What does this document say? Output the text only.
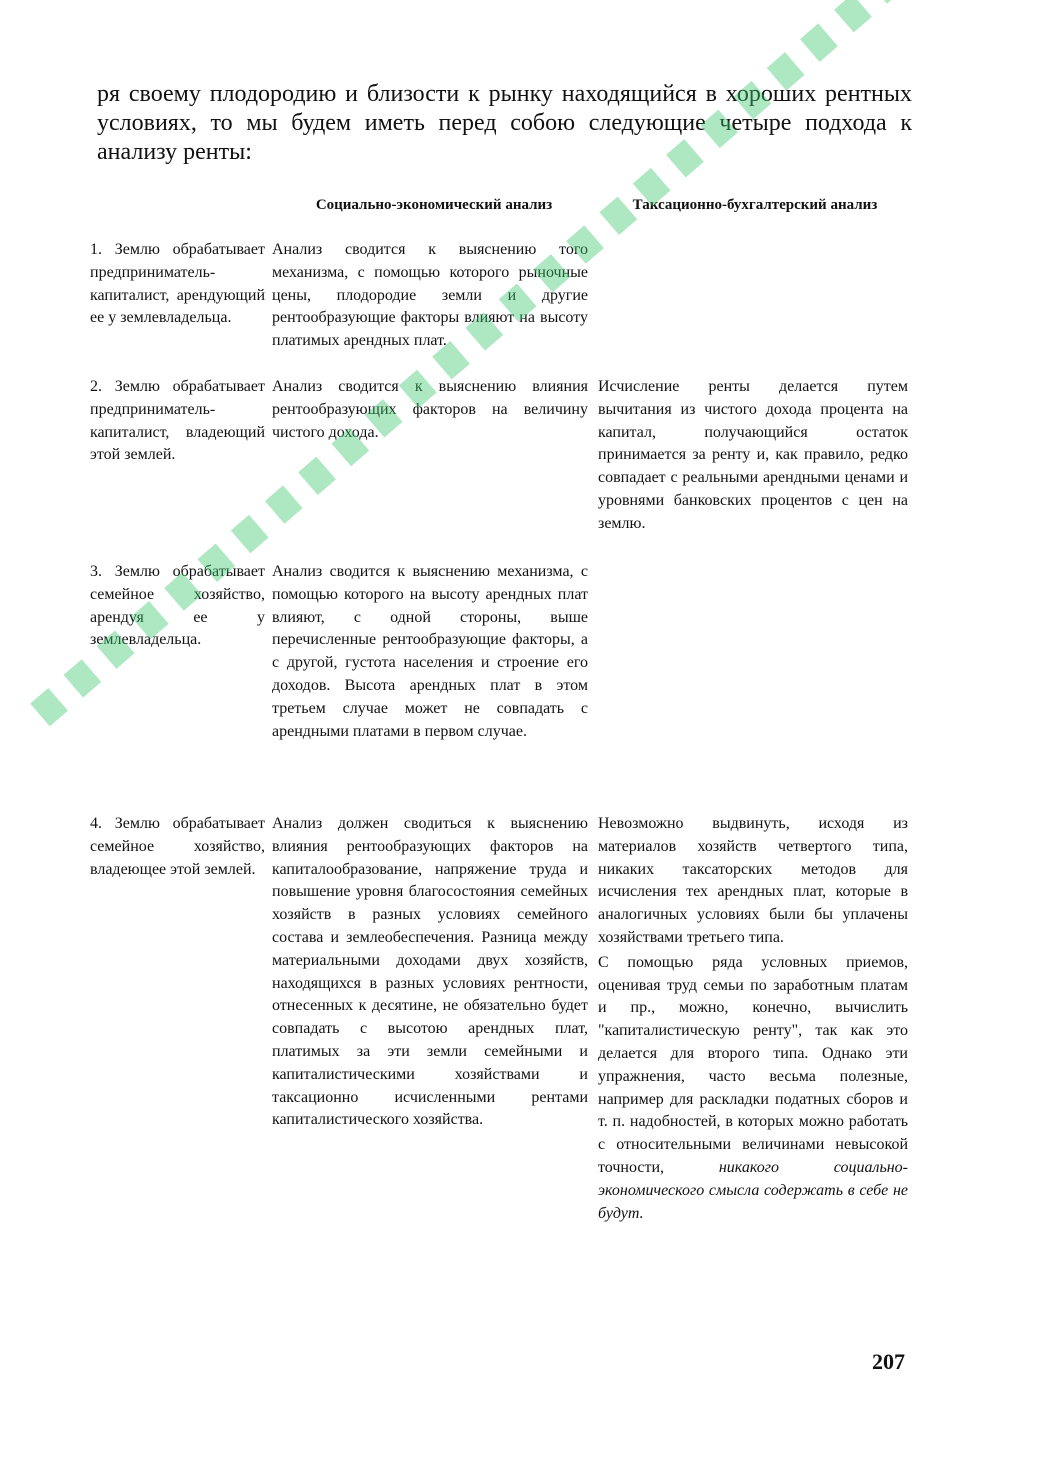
ря своему плодородию и близости к рынку находящийся в хороших рентных условиях, то мы будем иметь перед собою следующие четыре подхода к анализу ренты:
Социально-экономический анализ	Таксационно-бухгалтерский анализ
1. Землю обрабатывает предприниматель-капиталист, арендующий ее у землевладельца.
Анализ сводится к выяснению того механизма, с помощью которого рыночные цены, плодородие земли и другие рентообразующие факторы влияют на высоту платимых арендных плат.
2. Землю обрабатывает предприниматель-капиталист, владеющий этой землей.
Анализ сводится к выяснению влияния рентообразующих факторов на величину чистого дохода.
Исчисление ренты делается путем вычитания из чистого дохода процента на капитал, получающийся остаток принимается за ренту и, как правило, редко совпадает с реальными арендными ценами и уровнями банковских процентов с цен на землю.
3. Землю обрабатывает семейное хозяйство, арендуя ее у землевладельца.
Анализ сводится к выяснению механизма, с помощью которого на высоту арендных плат влияют, с одной стороны, выше перечисленные рентообразующие факторы, а с другой, густота населения и строение его доходов. Высота арендных плат в этом третьем случае может не совпадать с арендными платами в первом случае.
4. Землю обрабатывает семейное хозяйство, владеющее этой землей.
Анализ должен сводиться к выяснению влияния рентообразующих факторов на капиталообразование, напряжение труда и повышение уровня благосостояния семейных хозяйств в разных условиях семейного состава и землеобеспечения. Разница между материальными доходами двух хозяйств, находящихся в разных условиях рентности, отнесенных к десятине, не обязательно будет совпадать с высотою арендных плат, платимых за эти земли семейными и капиталистическими хозяйствами и таксационно исчисленными рентами капиталистического хозяйства.

Невозможно выдвинуть, исходя из материалов хозяйств четвертого типа, никаких таксаторских методов для исчисления тех арендных плат, которые в аналогичных условиях были бы уплачены хозяйствами третьего типа.

С помощью ряда условных приемов, оценивая труд семьи по заработным платам и пр., можно, конечно, вычислить "капиталистическую ренту", так как это делается для второго типа. Однако эти упражнения, часто весьма полезные, например для раскладки податных сборов и т. п. надобностей, в которых можно работать с относительными величинами невысокой точности,	никакого социально-экономического смысла содержать в себе не будут.

207
